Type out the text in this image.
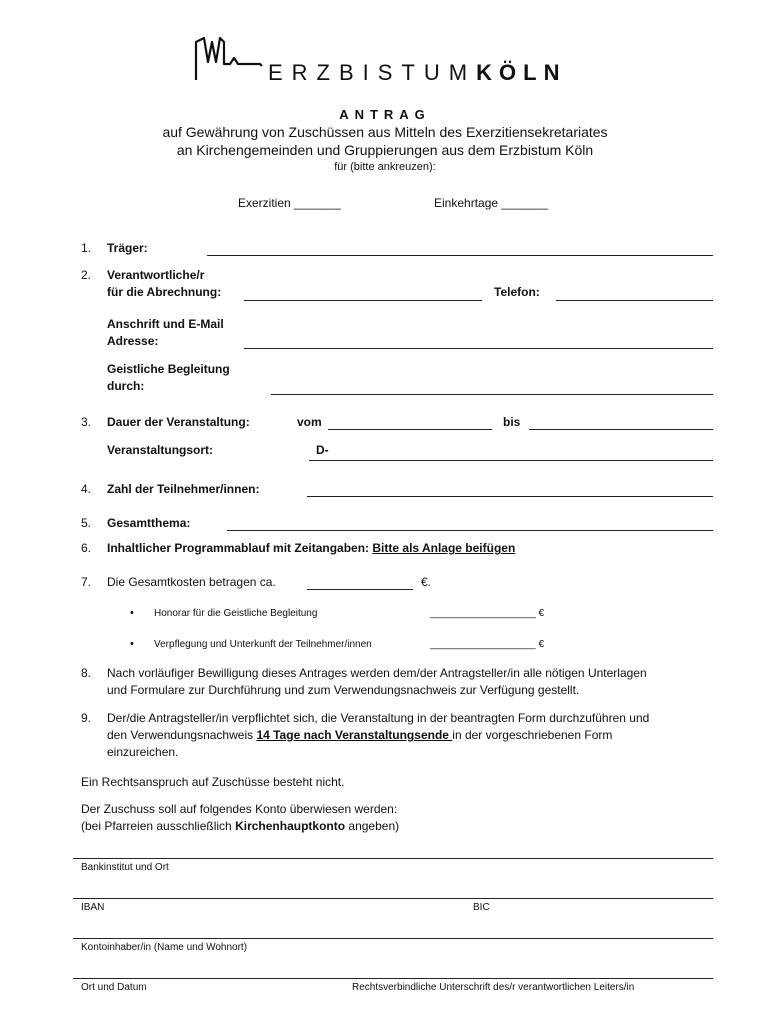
ERZBISTUMKÖLN
ANTRAG
auf Gewährung von Zuschüssen aus Mitteln des Exerzitiensekretariates
an Kirchengemeinden und Gruppierungen aus dem Erzbistum Köln
für (bitte ankreuzen):
Exerzitien _______	Einkehrtage _______
1. Träger:
2. Verantwortliche/r
für die Abrechnung:	Telefon:
Anschrift und E-Mail
Adresse:
Geistliche Begleitung
durch:
3. Dauer der Veranstaltung:	vom	bis
Veranstaltungsort:	D-
4. Zahl der Teilnehmer/innen:
5. Gesamtthema:
6. Inhaltlicher Programmablauf mit Zeitangaben: Bitte als Anlage beifügen
7. Die Gesamtkosten betragen ca.	€.
• Honorar für die Geistliche Begleitung	___________________ €
• Verpflegung und Unterkunft der Teilnehmer/innen	___________________ €
8. Nach vorläufiger Bewilligung dieses Antrages werden dem/der Antragsteller/in alle nötigen Unterlagen
und Formulare zur Durchführung und zum Verwendungsnachweis zur Verfügung gestellt.
9. Der/die Antragsteller/in verpflichtet sich, die Veranstaltung in der beantragten Form durchzuführen und
den Verwendungsnachweis 14 Tage nach Veranstaltungsende in der vorgeschriebenen Form
einzureichen.
Ein Rechtsanspruch auf Zuschüsse besteht nicht.
Der Zuschuss soll auf folgendes Konto überwiesen werden:
(bei Pfarreien ausschließlich Kirchenhauptkonto angeben)
Bankinstitut und Ort
IBAN	BIC
Kontoinhaber/in (Name und Wohnort)
Ort und Datum	Rechtsverbindliche Unterschrift des/r verantwortlichen Leiters/in
